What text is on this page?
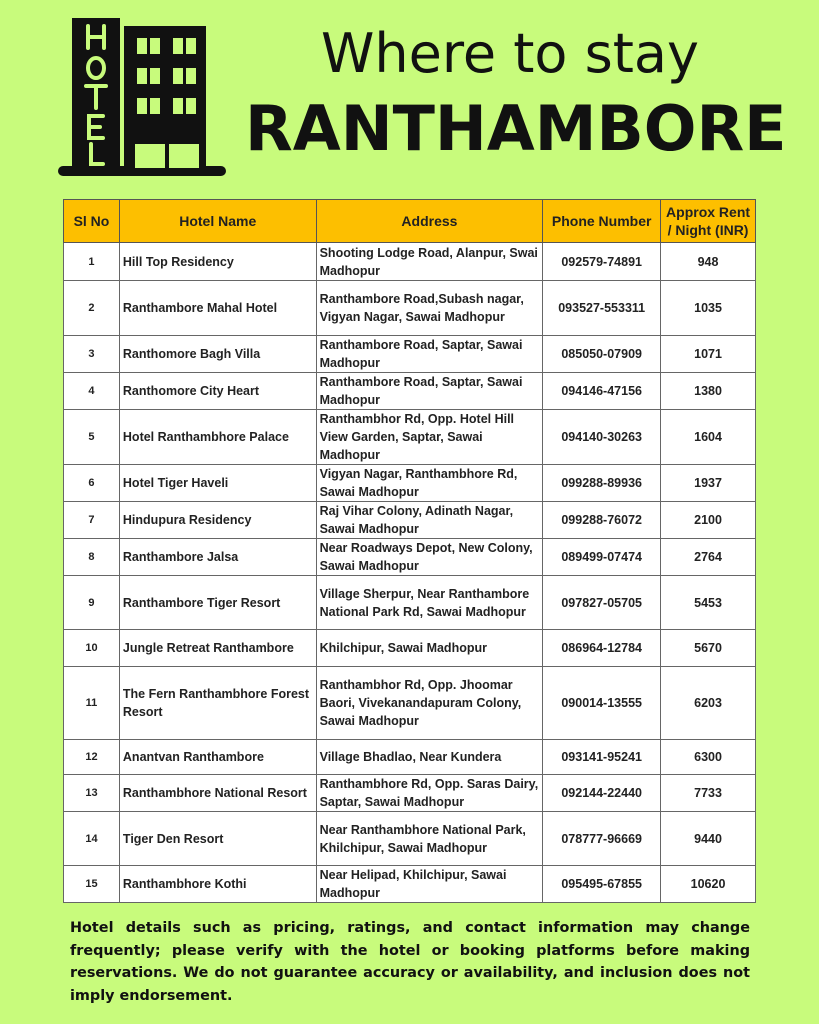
Where to stay
RANTHAMBORE
Sl No	Hotel Name	Address	Phone Number	Approx Rent / Night (INR)
1	Hill Top Residency	Shooting Lodge Road, Alanpur, Swai Madhopur	092579-74891	948
2	Ranthambore Mahal Hotel	Ranthambore Road,Subash nagar, Vigyan Nagar, Sawai Madhopur	093527-553311	1035
3	Ranthomore Bagh Villa	Ranthambore Road, Saptar, Sawai Madhopur	085050-07909	1071
4	Ranthomore City Heart	Ranthambore Road, Saptar, Sawai Madhopur	094146-47156	1380
5	Hotel Ranthambhore Palace	Ranthambhor Rd, Opp. Hotel Hill View Garden, Saptar, Sawai Madhopur	094140-30263	1604
6	Hotel Tiger Haveli	Vigyan Nagar, Ranthambhore Rd, Sawai Madhopur	099288-89936	1937
7	Hindupura Residency	Raj Vihar Colony, Adinath Nagar, Sawai Madhopur	099288-76072	2100
8	Ranthambore Jalsa	Near Roadways Depot, New Colony, Sawai Madhopur	089499-07474	2764
9	Ranthambore Tiger Resort	Village Sherpur, Near Ranthambore National Park Rd, Sawai Madhopur	097827-05705	5453
10	Jungle Retreat Ranthambore	Khilchipur, Sawai Madhopur	086964-12784	5670
11	The Fern Ranthambhore Forest Resort	Ranthambhor Rd, Opp. Jhoomar Baori, Vivekanandapuram Colony, Sawai Madhopur	090014-13555	6203
12	Anantvan Ranthambore	Village Bhadlao, Near Kundera	093141-95241	6300
13	Ranthambhore National Resort	Ranthambhore Rd, Opp. Saras Dairy, Saptar, Sawai Madhopur	092144-22440	7733
14	Tiger Den Resort	Near Ranthambhore National Park, Khilchipur, Sawai Madhopur	078777-96669	9440
15	Ranthambhore Kothi	Near Helipad, Khilchipur, Sawai Madhopur	095495-67855	10620
Hotel details such as pricing, ratings, and contact information may change frequently; please verify with the hotel or booking platforms before making reservations. We do not guarantee accuracy or availability, and inclusion does not imply endorsement.
